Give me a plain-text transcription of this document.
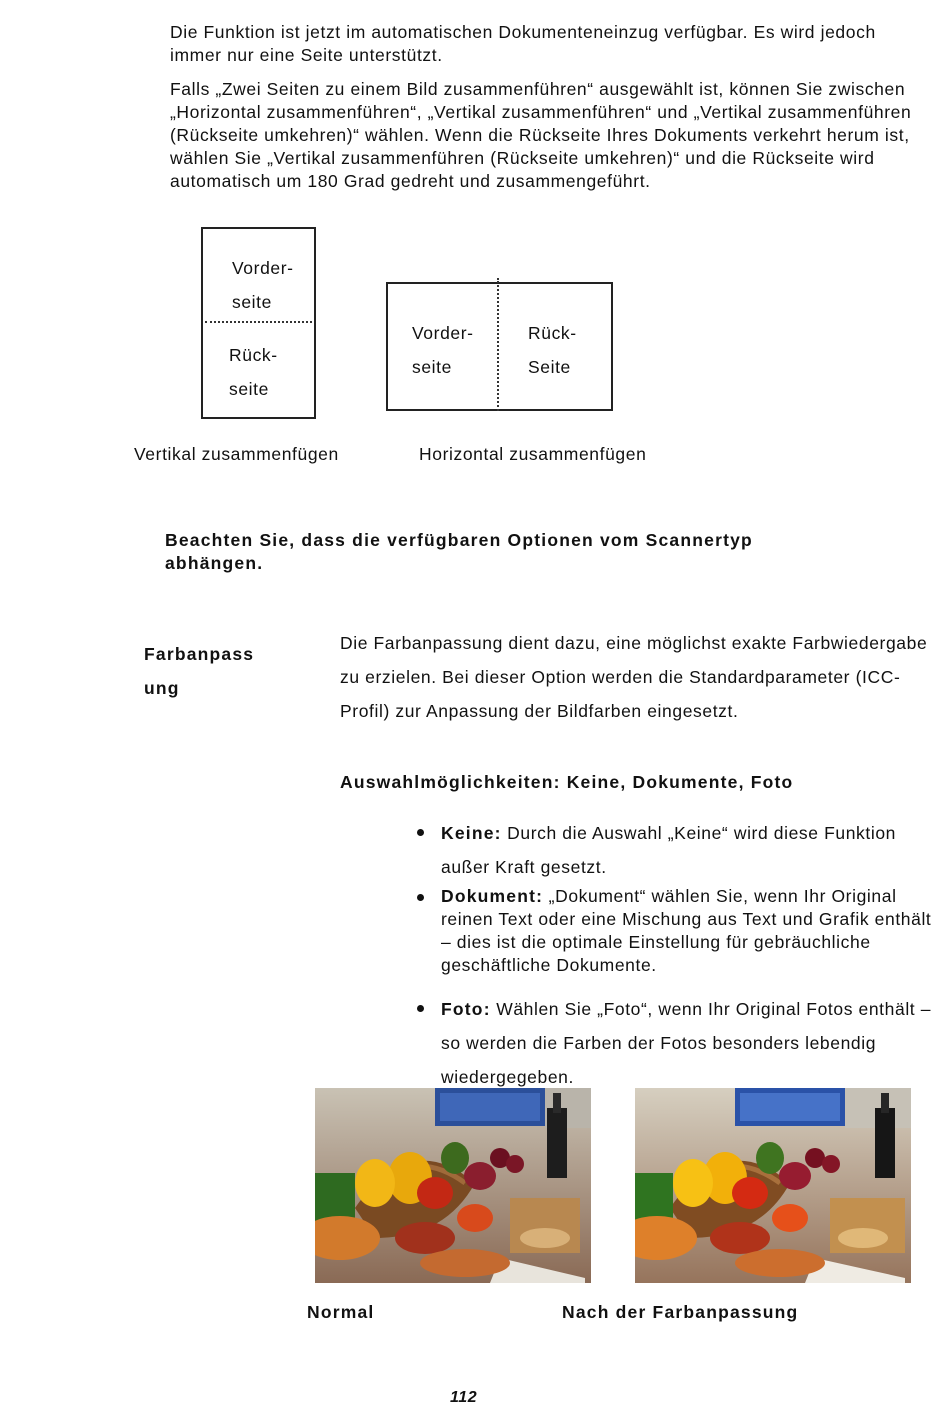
Die Funktion ist jetzt im automatischen Dokumenteneinzug verfügbar. Es wird jedoch immer nur eine Seite unterstützt.

Falls „Zwei Seiten zu einem Bild zusammenführen“ ausgewählt ist, können Sie zwischen „Horizontal zusammenführen“, „Vertikal zusammenführen“ und „Vertikal zusammenführen (Rückseite umkehren)“ wählen. Wenn die Rückseite Ihres Dokuments verkehrt herum ist, wählen Sie „Vertikal zusammenführen (Rückseite umkehren)“ und die Rückseite wird automatisch um 180 Grad gedreht und zusammengeführt.

Vorder-
seite
Rück-
seite
Vertikal zusammenfügen
Vorder-
seite
Rück-
Seite
Horizontal zusammenfügen
Beachten Sie, dass die verfügbaren Optionen vom Scannertyp
abhängen.
Farbanpass
ung

Die Farbanpassung dient dazu, eine möglichst exakte Farbwiedergabe zu erzielen. Bei dieser Option werden die Standardparameter (ICC-Profil) zur Anpassung der Bildfarben eingesetzt.

Auswahlmöglichkeiten: Keine, Dokumente, Foto

Keine: Durch die Auswahl „Keine“ wird diese Funktion außer Kraft gesetzt.
Dokument: „Dokument“ wählen Sie, wenn Ihr Original reinen Text oder eine Mischung aus Text und Grafik enthält – dies ist die optimale Einstellung für gebräuchliche geschäftliche Dokumente.
Foto: Wählen Sie „Foto“, wenn Ihr Original Fotos enthält – so werden die Farben der Fotos besonders lebendig wiedergegeben.
Normal	Nach der Farbanpassung
112
